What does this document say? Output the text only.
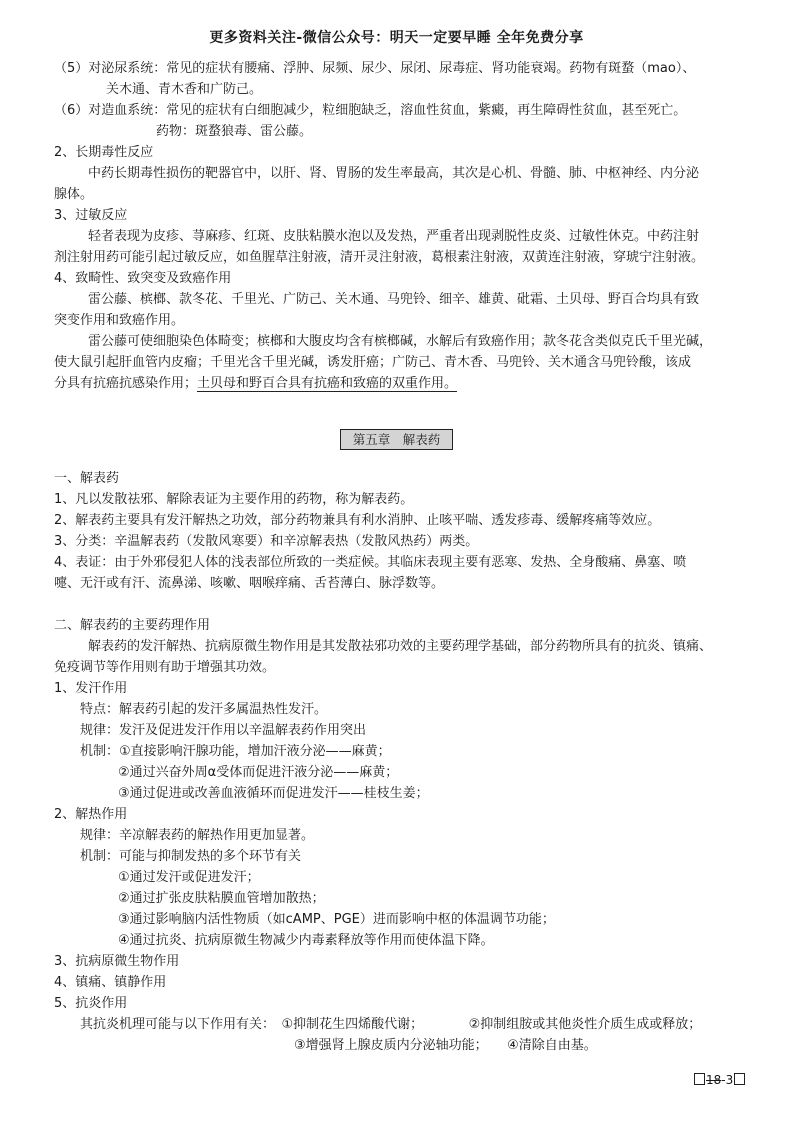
更多资料关注-微信公众号：明天一定要早睡 全年免费分享
（5）对泌尿系统：常见的症状有腰痛、浮肿、尿频、尿少、尿闭、尿毒症、肾功能衰竭。药物有斑蝥（mao）、
关木通、青木香和广防己。
（6）对造血系统：常见的症状有白细胞减少，粒细胞缺乏，溶血性贫血，紫癜，再生障碍性贫血，甚至死亡。
药物：斑蝥狼毒、雷公藤。
2、长期毒性反应
中药长期毒性损伤的靶器官中，以肝、肾、胃肠的发生率最高，其次是心机、骨髓、肺、中枢神经、内分泌
腺体。
3、过敏反应
轻者表现为皮疹、荨麻疹、红斑、皮肤粘膜水泡以及发热，严重者出现剥脱性皮炎、过敏性休克。中药注射
剂注射用药可能引起过敏反应，如鱼腥草注射液，清开灵注射液，葛根素注射液，双黄连注射液，穿琥宁注射液。
4、致畸性、致突变及致癌作用
雷公藤、槟榔、款冬花、千里光、广防己、关木通、马兜铃、细辛、雄黄、砒霜、土贝母、野百合均具有致
突变作用和致癌作用。
雷公藤可使细胞染色体畸变；槟榔和大腹皮均含有槟榔碱，水解后有致癌作用；款冬花含类似克氏千里光碱，
使大鼠引起肝血管内皮瘤；千里光含千里光碱，诱发肝癌；广防己、青木香、马兜铃、关木通含马兜铃酸，该成
分具有抗癌抗感染作用；土贝母和野百合具有抗癌和致癌的双重作用。
第五章　解表药
一、解表药
1、凡以发散祛邪、解除表证为主要作用的药物，称为解表药。
2、解表药主要具有发汗解热之功效，部分药物兼具有利水消肿、止咳平喘、透发疹毒、缓解疼痛等效应。
3、分类：辛温解表药（发散风寒要）和辛凉解表热（发散风热药）两类。
4、表证：由于外邪侵犯人体的浅表部位所致的一类症候。其临床表现主要有恶寒、发热、全身酸痛、鼻塞、喷
嚏、无汗或有汗、流鼻涕、咳嗽、咽喉痒痛、舌苔薄白、脉浮数等。
二、解表药的主要药理作用
解表药的发汗解热、抗病原微生物作用是其发散祛邪功效的主要药理学基础，部分药物所具有的抗炎、镇痛、
免疫调节等作用则有助于增强其功效。
1、发汗作用
特点：解表药引起的发汗多属温热性发汗。
规律：发汗及促进发汗作用以辛温解表药作用突出
机制：①直接影响汗腺功能，增加汗液分泌——麻黄；
②通过兴奋外周α受体而促进汗液分泌——麻黄；
③通过促进或改善血液循环而促进发汗——桂枝生姜；
2、解热作用
规律：辛凉解表药的解热作用更加显著。
机制：可能与抑制发热的多个环节有关
①通过发汗或促进发汗；
②通过扩张皮肤粘膜血管增加散热；
③通过影响脑内活性物质（如cAMP、PGE）进而影响中枢的体温调节功能；
④通过抗炎、抗病原微生物减少内毒素释放等作用而使体温下降。
3、抗病原微生物作用
4、镇痛、镇静作用
5、抗炎作用
其抗炎机理可能与以下作用有关：　①抑制花生四烯酸代谢；　　　　②抑制组胺或其他炎性介质生成或释放；
③增强肾上腺皮质内分泌轴功能；　　④清除自由基。
18-3
